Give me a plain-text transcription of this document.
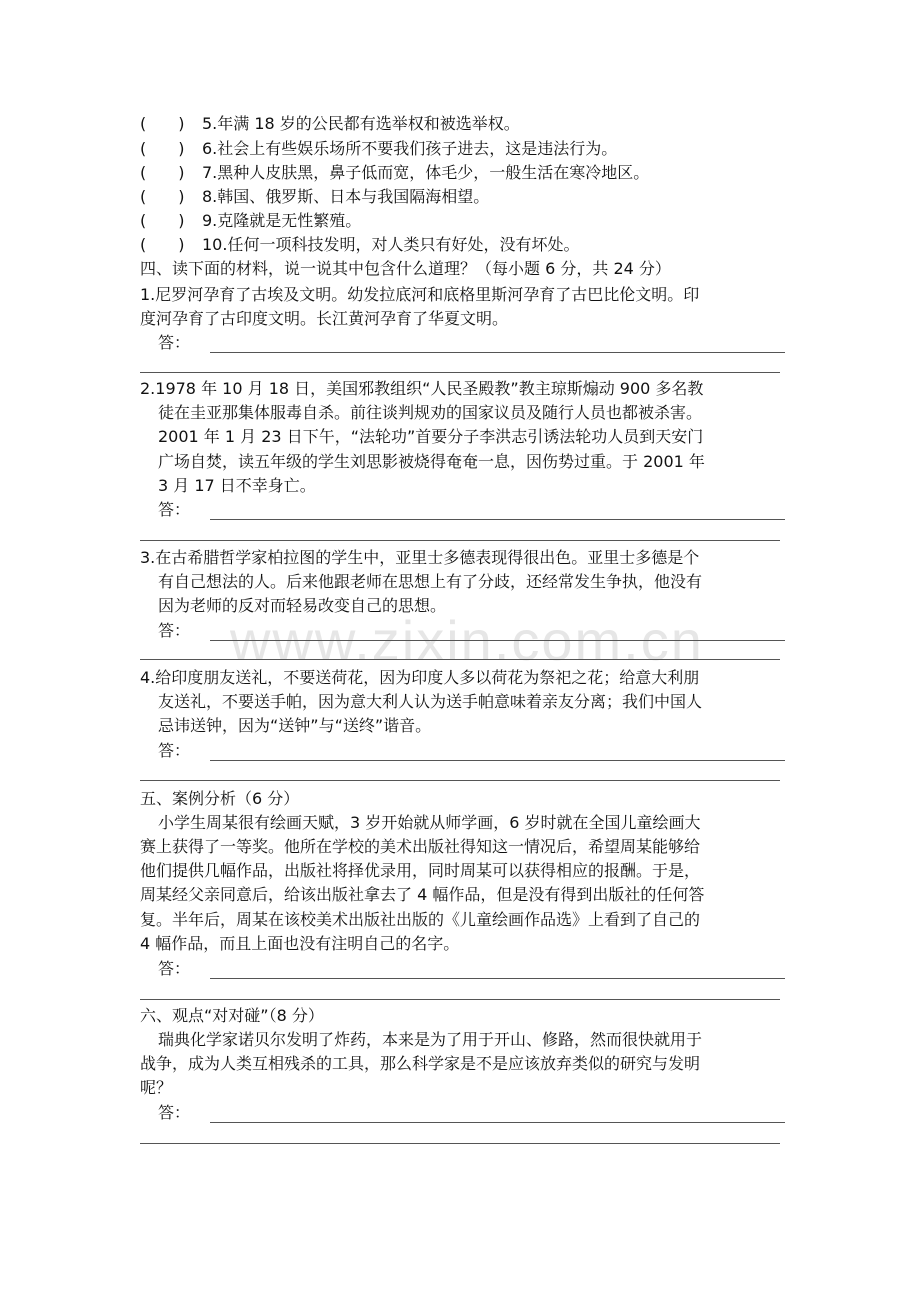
www.zixin.com.cn
(　　) 5.年满 18 岁的公民都有选举权和被选举权。
(　　) 6.社会上有些娱乐场所不要我们孩子进去，这是违法行为。
(　　) 7.黑种人皮肤黑，鼻子低而宽，体毛少，一般生活在寒冷地区。
(　　) 8.韩国、俄罗斯、日本与我国隔海相望。
(　　) 9.克隆就是无性繁殖。
(　　) 10.任何一项科技发明，对人类只有好处，没有坏处。
四、读下面的材料，说一说其中包含什么道理？（每小题 6 分，共 24 分）
1.尼罗河孕育了古埃及文明。幼发拉底河和底格里斯河孕育了古巴比伦文明。印
度河孕育了古印度文明。长江黄河孕育了华夏文明。
答：
2.1978 年 10 月 18 日，美国邪教组织“人民圣殿教”教主琼斯煽动 900 多名教
徒在圭亚那集体服毒自杀。前往谈判规劝的国家议员及随行人员也都被杀害。
2001 年 1 月 23 日下午，“法轮功”首要分子李洪志引诱法轮功人员到天安门
广场自焚，读五年级的学生刘思影被烧得奄奄一息，因伤势过重。于 2001 年
3 月 17 日不幸身亡。
答：
3.在古希腊哲学家柏拉图的学生中，亚里士多德表现得很出色。亚里士多德是个
有自己想法的人。后来他跟老师在思想上有了分歧，还经常发生争执，他没有
因为老师的反对而轻易改变自己的思想。
答：
4.给印度朋友送礼，不要送荷花，因为印度人多以荷花为祭祀之花；给意大利朋
友送礼，不要送手帕，因为意大利人认为送手帕意味着亲友分离；我们中国人
忌讳送钟，因为“送钟”与“送终”谐音。
答：
五、案例分析（6 分）
小学生周某很有绘画天赋，3 岁开始就从师学画，6 岁时就在全国儿童绘画大
赛上获得了一等奖。他所在学校的美术出版社得知这一情况后，希望周某能够给
他们提供几幅作品，出版社将择优录用，同时周某可以获得相应的报酬。于是，
周某经父亲同意后，给该出版社拿去了 4 幅作品，但是没有得到出版社的任何答
复。半年后，周某在该校美术出版社出版的《儿童绘画作品选》上看到了自己的
4 幅作品，而且上面也没有注明自己的名字。
答：
六、观点“对对碰”（8 分）
瑞典化学家诺贝尔发明了炸药，本来是为了用于开山、修路，然而很快就用于
战争，成为人类互相残杀的工具，那么科学家是不是应该放弃类似的研究与发明
呢？
答：
